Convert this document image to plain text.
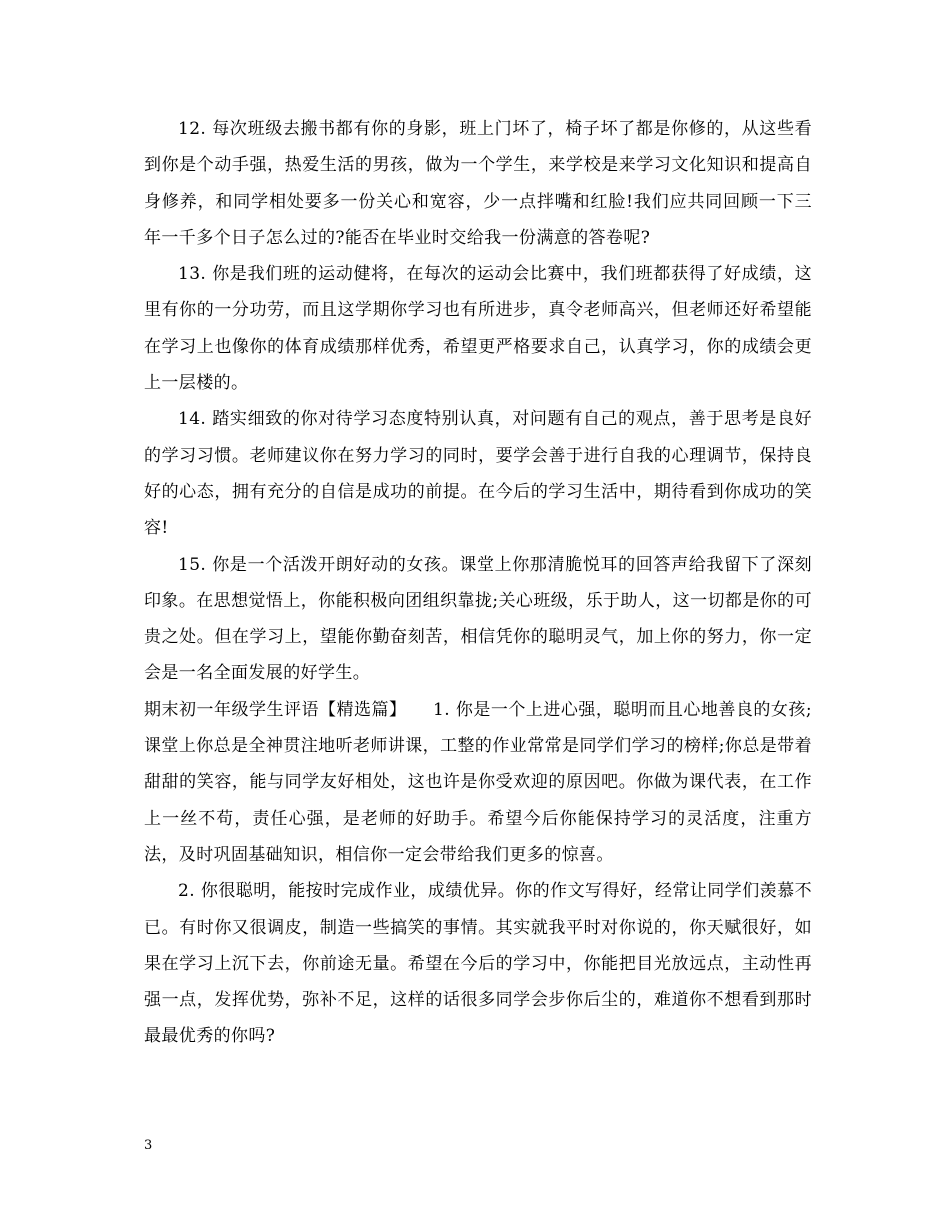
12. 每次班级去搬书都有你的身影，班上门坏了，椅子坏了都是你修的，从这些看到你是个动手强，热爱生活的男孩，做为一个学生，来学校是来学习文化知识和提高自身修养，和同学相处要多一份关心和宽容，少一点拌嘴和红脸!我们应共同回顾一下三年一千多个日子怎么过的?能否在毕业时交给我一份满意的答卷呢?

13. 你是我们班的运动健将，在每次的运动会比赛中，我们班都获得了好成绩，这里有你的一分功劳，而且这学期你学习也有所进步，真令老师高兴，但老师还好希望能在学习上也像你的体育成绩那样优秀，希望更严格要求自己，认真学习，你的成绩会更上一层楼的。

14. 踏实细致的你对待学习态度特别认真，对问题有自己的观点，善于思考是良好的学习习惯。老师建议你在努力学习的同时，要学会善于进行自我的心理调节，保持良好的心态，拥有充分的自信是成功的前提。在今后的学习生活中，期待看到你成功的笑容!

15. 你是一个活泼开朗好动的女孩。课堂上你那清脆悦耳的回答声给我留下了深刻印象。在思想觉悟上，你能积极向团组织靠拢;关心班级，乐于助人，这一切都是你的可贵之处。但在学习上，望能你勤奋刻苦，相信凭你的聪明灵气，加上你的努力，你一定会是一名全面发展的好学生。

期末初一年级学生评语【精选篇】　　1. 你是一个上进心强，聪明而且心地善良的女孩;课堂上你总是全神贯注地听老师讲课，工整的作业常常是同学们学习的榜样;你总是带着甜甜的笑容，能与同学友好相处，这也许是你受欢迎的原因吧。你做为课代表，在工作上一丝不苟，责任心强，是老师的好助手。希望今后你能保持学习的灵活度，注重方法，及时巩固基础知识，相信你一定会带给我们更多的惊喜。

2. 你很聪明，能按时完成作业，成绩优异。你的作文写得好，经常让同学们羡慕不已。有时你又很调皮，制造一些搞笑的事情。其实就我平时对你说的，你天赋很好，如果在学习上沉下去，你前途无量。希望在今后的学习中，你能把目光放远点，主动性再强一点，发挥优势，弥补不足，这样的话很多同学会步你后尘的，难道你不想看到那时最最优秀的你吗?

3
